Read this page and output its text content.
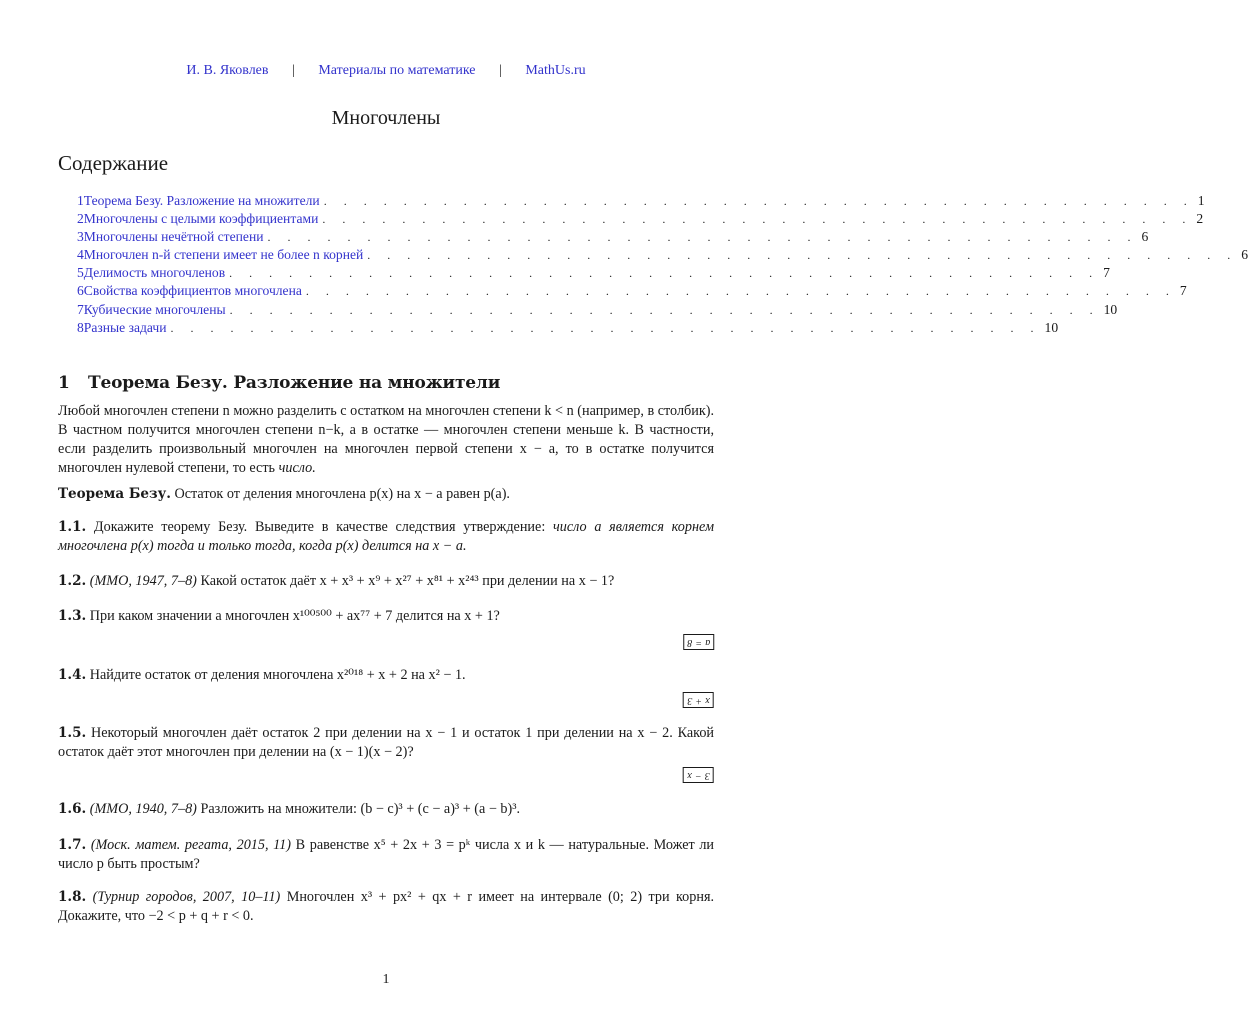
И. В. Яковлев | Материалы по математике | MathUs.ru
Многочлены
Содержание
1 Теорема Безу. Разложение на множители . . . . . . . . . . . . . . . . . . . . . . . . . . . . . . . . . . . . . . . . . . . . 1
2 Многочлены с целыми коэффициентами . . . . . . . . . . . . . . . . . . . . . . . . . . . . . . . . . . . . . . . . . . . . 2
3 Многочлены нечётной степени . . . . . . . . . . . . . . . . . . . . . . . . . . . . . . . . . . . . . . . . . . . . 6
4 Многочлен n-й степени имеет не более n корней . . . . . . . . . . . . . . . . . . . . . . . . . . . . . . . . . . . . . . . . . . . . 6
5 Делимость многочленов . . . . . . . . . . . . . . . . . . . . . . . . . . . . . . . . . . . . . . . . . . . . 7
6 Свойства коэффициентов многочлена . . . . . . . . . . . . . . . . . . . . . . . . . . . . . . . . . . . . . . . . . . . . 7
7 Кубические многочлены . . . . . . . . . . . . . . . . . . . . . . . . . . . . . . . . . . . . . . . . . . . . 10
8 Разные задачи . . . . . . . . . . . . . . . . . . . . . . . . . . . . . . . . . . . . . . . . . . . . 10
1 Теорема Безу. Разложение на множители
Любой многочлен степени n можно разделить с остатком на многочлен степени k < n (например, в столбик). В частном получится многочлен степени n−k, а в остатке — многочлен степени меньше k. В частности, если разделить произвольный многочлен на многочлен первой степени x − a, то в остатке получится многочлен нулевой степени, то есть число.
Теорема Безу. Остаток от деления многочлена p(x) на x − a равен p(a).
1.1. Докажите теорему Безу. Выведите в качестве следствия утверждение: число a является корнем многочлена p(x) тогда и только тогда, когда p(x) делится на x − a.
1.2. (ММО, 1947, 7–8) Какой остаток даёт x + x³ + x⁹ + x²⁷ + x⁸¹ + x²⁴³ при делении на x − 1?
1.3. При каком значении a многочлен x¹⁰⁰⁵⁰⁰ + ax⁷⁷ + 7 делится на x + 1?
a = 8
1.4. Найдите остаток от деления многочлена x²⁰¹⁸ + x + 2 на x² − 1.
x + 3
1.5. Некоторый многочлен даёт остаток 2 при делении на x − 1 и остаток 1 при делении на x − 2. Какой остаток даёт этот многочлен при делении на (x − 1)(x − 2)?
3 − x
1.6. (ММО, 1940, 7–8) Разложить на множители: (b − c)³ + (c − a)³ + (a − b)³.
1.7. (Моск. матем. регата, 2015, 11) В равенстве x⁵ + 2x + 3 = pᵏ числа x и k — натуральные. Может ли число p быть простым?
1.8. (Турнир городов, 2007, 10–11) Многочлен x³ + px² + qx + r имеет на интервале (0; 2) три корня. Докажите, что −2 < p + q + r < 0.
1
